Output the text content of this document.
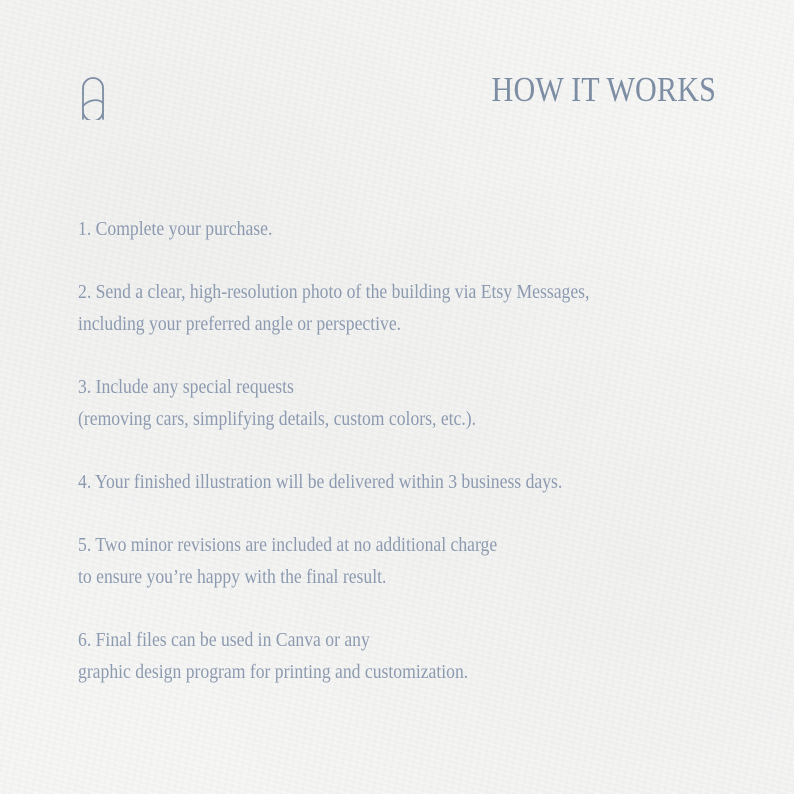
HOW IT WORKS
1. Complete your purchase.
2. Send a clear, high-resolution photo of the building via Etsy Messages,
including your preferred angle or perspective.
3. Include any special requests
(removing cars, simplifying details, custom colors, etc.).
4. Your finished illustration will be delivered within 3 business days.
5. Two minor revisions are included at no additional charge
to ensure you’re happy with the final result.
6. Final files can be used in Canva or any
graphic design program for printing and customization.
